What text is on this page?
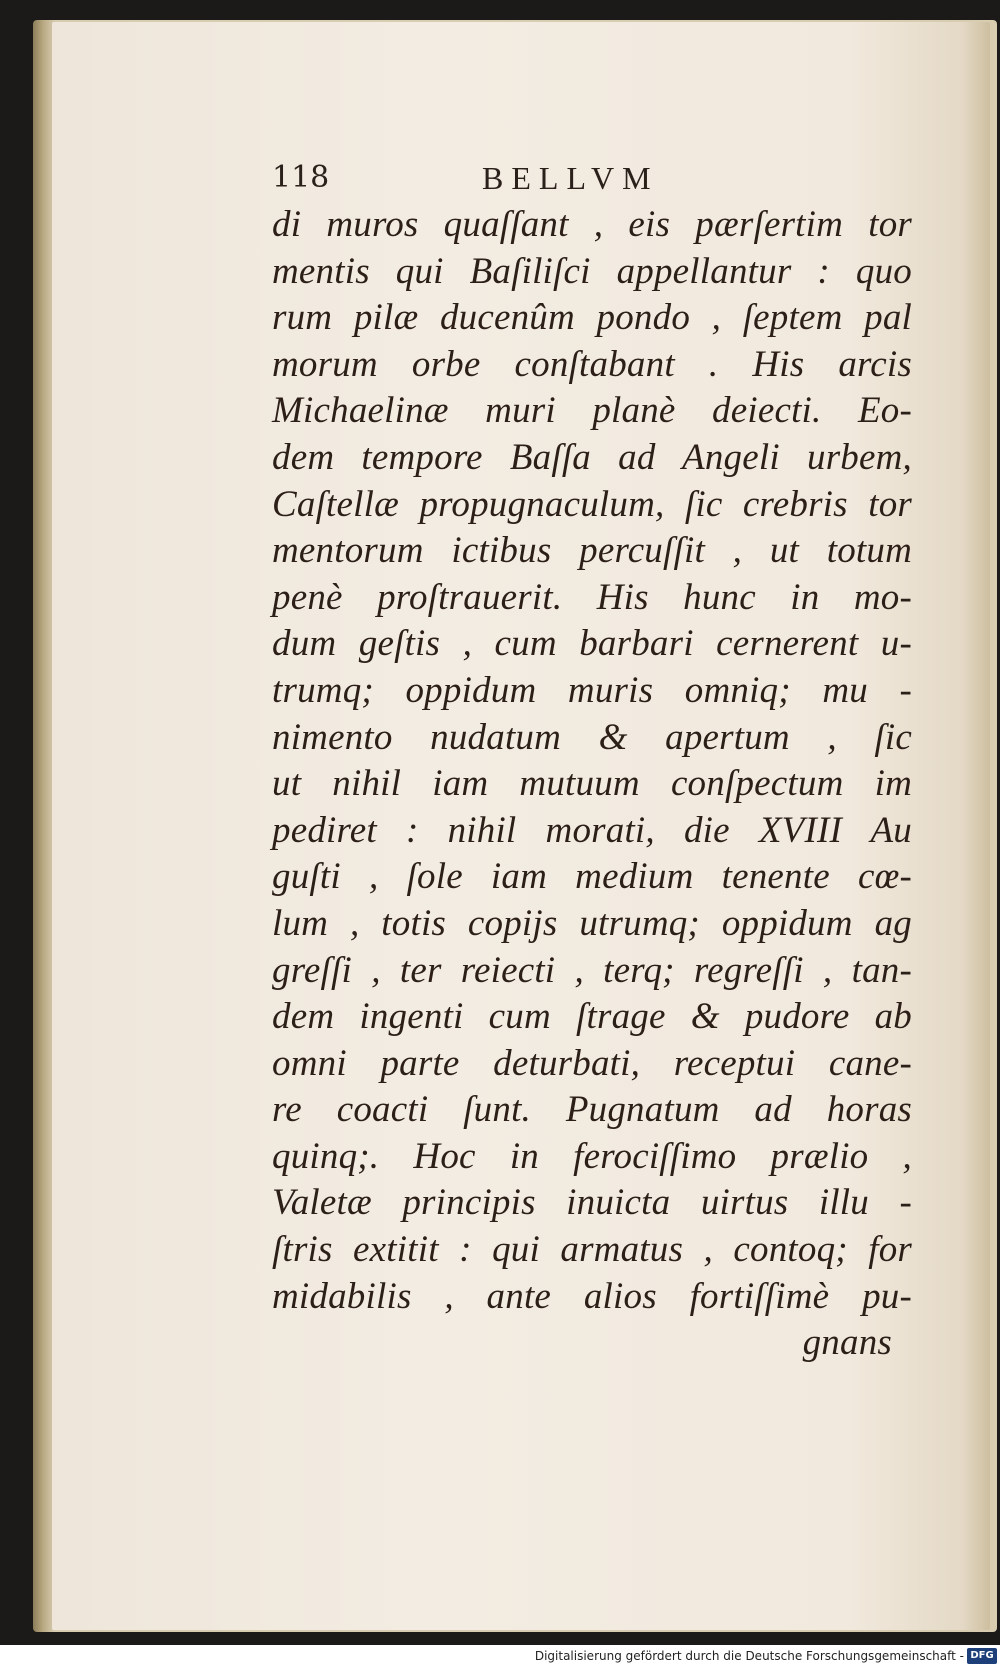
118	BELLVM
di muros quaſſant , eis pærſertim tor
mentis qui Baſiliſci appellantur : quo
rum pilæ ducenûm pondo , ſeptem pal
morum orbe conſtabant . His arcis
Michaelinæ muri planè deiecti. Eo-
dem tempore Baſſa ad Angeli urbem,
Caſtellæ propugnaculum, ſic crebris tor
mentorum ictibus percuſſit , ut totum
penè proſtrauerit. His hunc in mo-
dum geſtis , cum barbari cernerent u-
trumq; oppidum muris omniq; mu -
nimento nudatum & apertum , ſic
ut nihil iam mutuum conſpectum im
pediret : nihil morati, die XVIII Au
guſti , ſole iam medium tenente cœ-
lum , totis copijs utrumq; oppidum ag
greſſi , ter reiecti , terq; regreſſi , tan-
dem ingenti cum ſtrage & pudore ab
omni parte deturbati, receptui cane-
re coacti ſunt. Pugnatum ad horas
quinq;. Hoc in ferociſſimo prælio ,
Valetæ principis inuicta uirtus illu -
ſtris extitit : qui armatus , contoq; for
midabilis , ante alios fortiſſimè pu-
gnans
Digitalisierung gefördert durch die Deutsche Forschungsgemeinschaft - DFG
